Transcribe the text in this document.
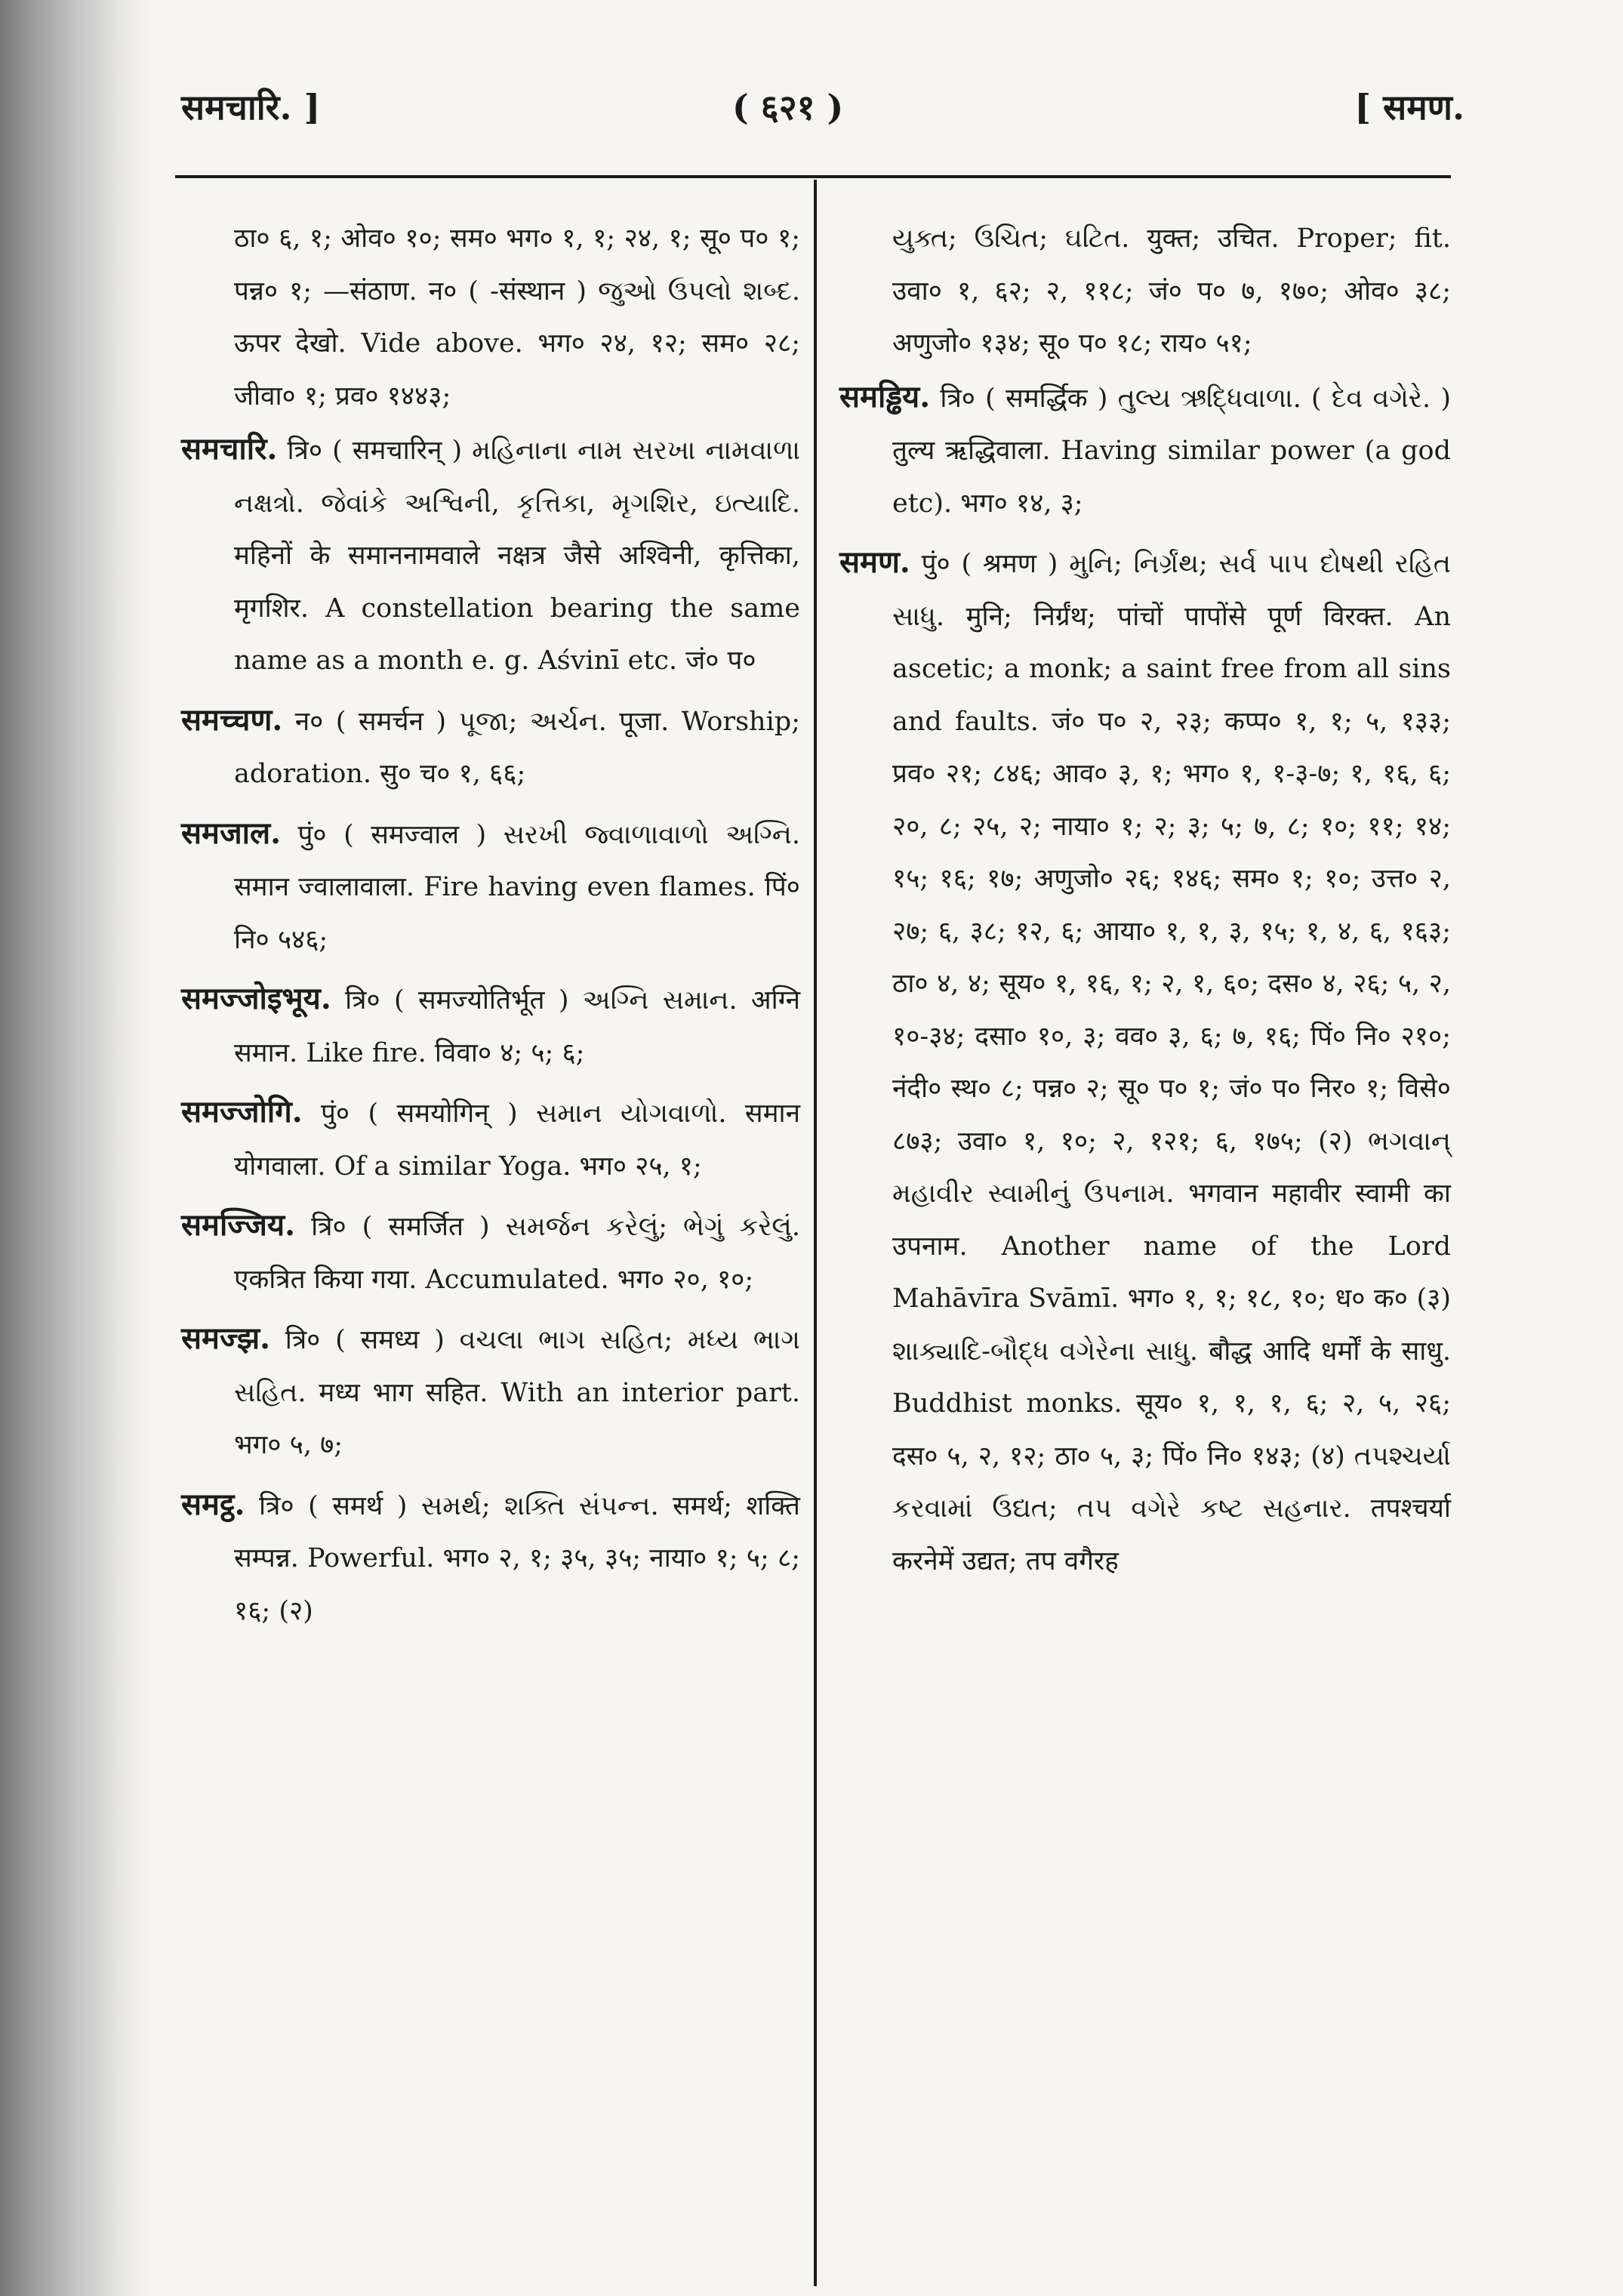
समचारि. ]	( ६२१ )	[ समण.

ठा० ६, १; ओव० १०; सम० भग० १, १; २४, १; सू० प० १; पन्न० १; —संठाण. न० ( -संस्थान ) જુઓ ઉપલો શબ્દ. ऊपर देखो. Vide above. भग० २४, १२; सम० २८; जीवा० १; प्रव० १४४३;

समचारि. त्रि० ( समचारिन् ) મહિનાના નામ સરખા નામવાળા નક્ષત્રો. જેવાંકે અશ્વિની, કૃત્તિકા, મૃગશિર, ઇત્યાદિ. महिनों के समाननामवाले नक्षत्र जैसे अश्विनी, कृत्तिका, मृगशिर. A constellation bearing the same name as a month e. g. Aśvinī etc. जं० प०
समच्चण. न० ( समर्चन ) પૂજા; અર્ચન. पूजा. Worship; adoration. सु० च० १, ६६;
समजाल. पुं० ( समज्वाल ) સરખી જ્વાળાવાળો અગ્નિ. समान ज्वालावाला. Fire having even flames. पिं० नि० ५४६;
समज्जोइभूय. त्रि० ( समज्योतिर्भूत ) અગ્નિ સમાન. अग्नि समान. Like fire. विवा० ४; ५; ६;
समज्जोगि. पुं० ( समयोगिन् ) સમાન યોગવાળો. समान योगवाला. Of a similar Yoga. भग० २५, १;
समज्जिय. त्रि० ( समर्जित ) સમર્જન કરેલું; ભેગું કરેલું. एकत्रित किया गया. Accumulated. भग० २०, १०;
समज्झ. त्रि० ( समध्य ) વચલા ભાગ સહિત; મધ્ય ભાગ સહિત. मध्य भाग सहित. With an interior part. भग० ५, ७;
समट्ठ. त्रि० ( समर्थ ) સમર્થ; શક્તિ સંપન્ન. समर्थ; शक्ति सम्पन्न. Powerful. भग० २, १; ३५, ३५; नाया० १; ५; ८; १६; (२)

યુક્ત; ઉચિત; ઘટિત. युक्त; उचित. Proper; fit. उवा० १, ६२; २, ११८; जं० प० ७, १७०; ओव० ३८; अणुजो० १३४; सू० प० १८; राय० ५१;

समड्ढिय. त्रि० ( समर्द्धिक ) તુલ્ય ઋદ્ધિવાળા. ( દેવ વગેરે. ) तुल्य ऋद्धिवाला. Having similar power (a god etc). भग० १४, ३;
समण. पुं० ( श्रमण ) મુનિ; નિર્ગ્રંથ; સર્વ પાપ દોષથી રહિત સાધુ. मुनि; निर्ग्रंथ; पांचों पापोंसे पूर्ण विरक्त. An ascetic; a monk; a saint free from all sins and faults. जं० प० २, २३; कप्प० १, १; ५, १३३; प्रव० २१; ८४६; आव० ३, १; भग० १, १-३-७; १, १६, ६; २०, ८; २५, २; नाया० १; २; ३; ५; ७, ८; १०; ११; १४; १५; १६; १७; अणुजो० २६; १४६; सम० १; १०; उत्त० २, २७; ६, ३८; १२, ६; आया० १, १, ३, १५; १, ४, ६, १६३; ठा० ४, ४; सूय० १, १६, १; २, १, ६०; दस० ४, २६; ५, २, १०-३४; दसा० १०, ३; वव० ३, ६; ७, १६; पिं० नि० २१०; नंदी० स्थ० ८; पन्न० २; सू० प० १; जं० प० निर० १; विसे० ८७३; उवा० १, १०; २, १२१; ६, १७५; (२) ભગવાન્ મહાવીર સ્વામીનું ઉપનામ. भगवान महावीर स्वामी का उपनाम. Another name of the Lord Mahāvīra Svāmī. भग० १, १; १८, १०; ध० क० (३) શાક્યાદિ-બૌદ્ધ વગેરેના સાધુ. बौद्ध आदि धर्मों के साधु. Buddhist monks. सूय० १, १, १, ६; २, ५, २६; दस० ५, २, १२; ठा० ५, ३; पिं० नि० १४३; (४) તપશ્ચર્યા કરવામાં ઉદ્યત; તપ વગેરે કષ્ટ સહનાર. तपश्चर्या करनेमें उद्यत; तप वगैरह
